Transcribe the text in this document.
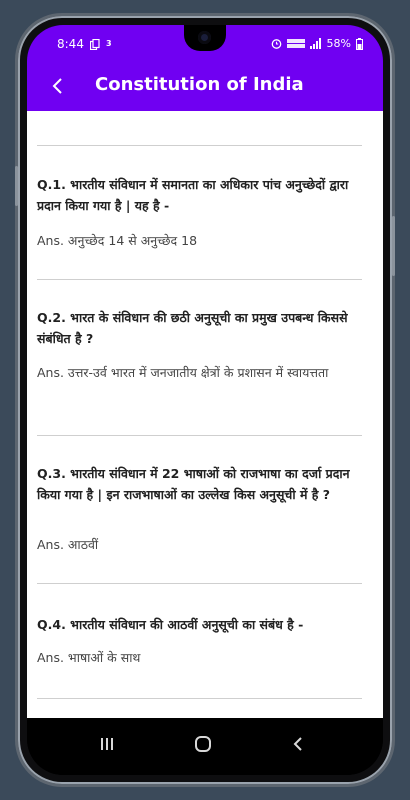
8:44	3	58%
Constitution of India
Q.1. भारतीय संविधान में समानता का अधिकार पांच अनुच्छेदों द्वारा प्रदान किया गया है | यह है -
Ans. अनुच्छेद 14 से अनुच्छेद 18
Q.2. भारत के संविधान की छठी अनुसूची का प्रमुख उपबन्ध किससे संबंधित है ?
Ans. उत्तर-उर्व भारत में जनजातीय क्षेत्रों के प्रशासन में स्वायत्तता
Q.3. भारतीय संविधान में 22 भाषाओं को राजभाषा का दर्जा प्रदान किया गया है | इन राजभाषाओं का उल्लेख किस अनुसूची में है ?
Ans. आठवीं
Q.4. भारतीय संविधान की आठवीं अनुसूची का संबंध है -
Ans. भाषाओं के साथ
